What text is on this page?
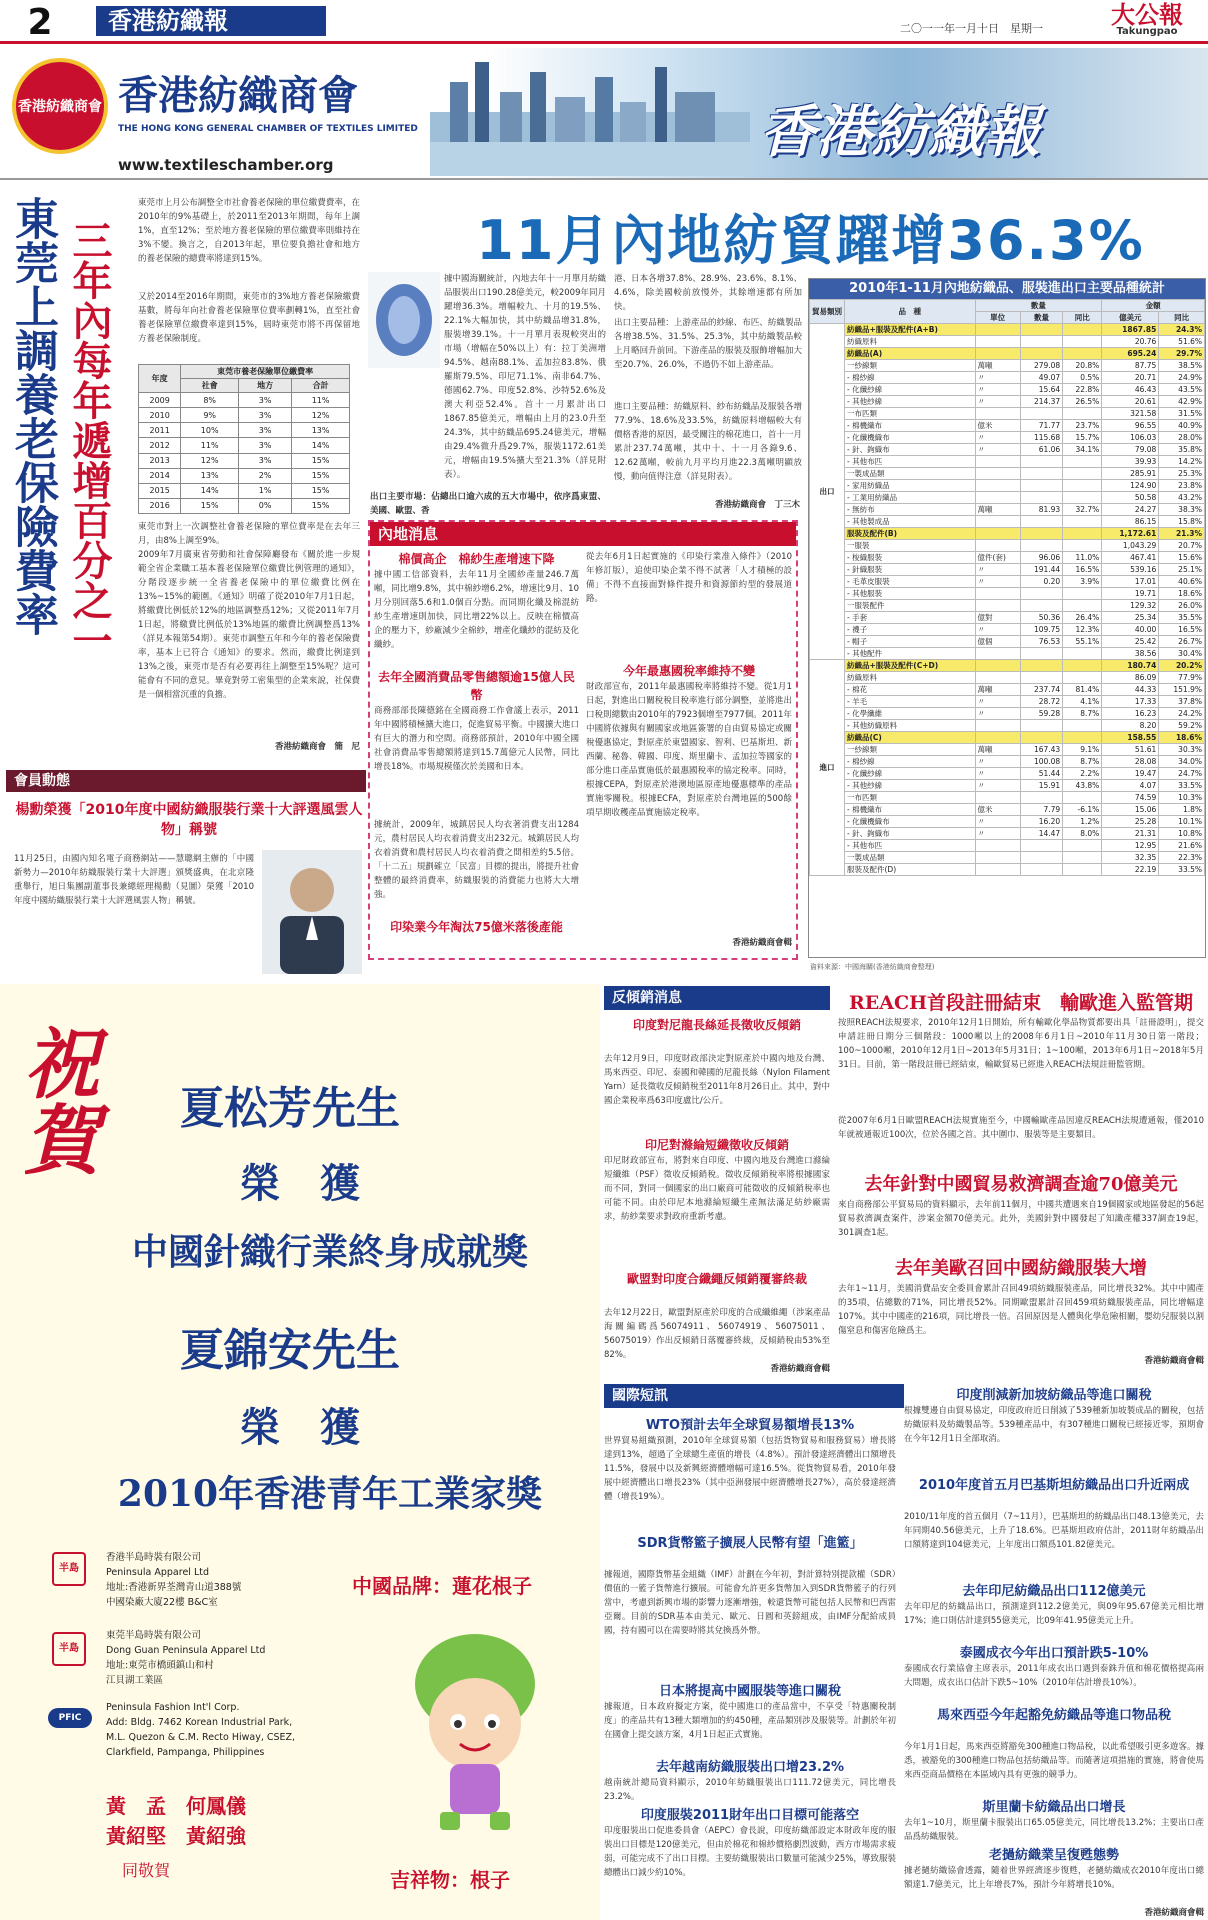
2	香港紡織報	二〇一一年一月十日　星期一	大公報
Takungpao
香港紡織商會 香港紡織商會
THE HONG KONG GENERAL CHAMBER OF TEXTILES LIMITED
www.textileschamber.org	香港紡織報
東莞上調養老保險費率 三年內每年遞增百分之一
東莞市上月公布調整全市社會養老保險的單位繳費費率，在2010年的9%基礎上，於2011至2013年期間，每年上調1%，直至12%；至於地方養老保險的單位繳費率則維持在3%不變。換言之，自2013年起，單位要負擔社會和地方的養老保險的總費率將達到15%。
又於2014至2016年期間，東莞市的3%地方養老保險繳費基數，將每年向社會養老保險單位費率劃轉1%，直至社會養老保險單位繳費率達到15%，屆時東莞市將不再保留地方養老保險制度。
年度	東莞市養老保險單位繳費率		
	社會	地方	合計
2009	8%	3%	11%
2010	9%	3%	12%
2011	10%	3%	13%
2012	11%	3%	14%
2013	12%	3%	15%
2014	13%	2%	15%
2015	14%	1%	15%
2016	15%	0%	15%
東莞市對上一次調整社會養老保險的單位費率是在去年三月，由8%上調至9%。
2009年7月廣東省勞動和社會保障廳發布《關於進一步規範全省企業職工基本養老保險單位繳費比例管理的通知》，分階段逐步統一全省養老保險中的單位繳費比例在13%~15%的範圍。《通知》明確了從2010年7月1日起，將繳費比例低於12%的地區調整爲12%；又從2011年7月1日起，將繳費比例低於13%地區的繳費比例調整爲13%（詳見本報第54期）。東莞市調整五年和今年的養老保險費率，基本上已符合《通知》的要求。然而，繳費比例達到13%之後，東莞市是否有必要再往上調整至15%呢？這可能會有不同的意見。畢竟對勞工密集型的企業來說，社保費是一個相當沉重的負擔。
香港紡織商會　簡　尼
會員動態
楊勳榮獲「2010年度中國紡織服裝行業十大評選風雲人物」稱號
11月25日，由國內知名電子商務網站——慧聰網主辦的「中國新勢力—2010年紡織服裝行業十大評選」頒獎盛典，在北京隆重舉行，旭日集團副董事長兼總經理楊勳（見圖）榮獲「2010年度中國紡織服裝行業十大評選風雲人物」稱號。
11月內地紡貿躍增36.3%
據中國海關統計，內地去年十一月單月紡織品服裝出口190.28億美元，較2009年同月躍增36.3%。增幅較九、十月的19.5%、22.1%大幅加快，其中紡織品增31.8%，服裝增39.1%。十一月單月表現較突出的市場（增幅在50%以上）有：拉丁美洲增94.5%、越南88.1%、孟加拉83.8%、俄羅斯79.5%、印尼71.1%、南非64.7%、德國62.7%、印度52.8%、沙特52.6%及澳大利亞52.4%。首十一月累計出口1867.85億美元，增幅由上月的23.0升至24.3%，其中紡織品695.24億美元，增幅由29.4%微升爲29.7%，服裝1172.61美元，增幅由19.5%擴大至21.3%（詳見附表）。
出口主要市場：佔總出口逾六成的五大市場中，依序爲東盟、美國、歐盟、香
港、日本各增37.8%、28.9%、23.6%、8.1%、4.6%，除美國較前放慢外，其餘增速都有所加快。
出口主要品種：上游產品的紗線、布匹、紡織製品各增38.5%、31.5%、25.3%，其中紡織製品較上月略回升前回。下游產品的服裝及服飾增幅加大至20.7%、26.0%，不過仍不如上游產品。
進口主要品種：紡織原料、紗布紡織品及服裝各增77.9%、18.6%及33.5%，紡織原料增幅較大有價格香港的原因，最受關注的棉花進口，首十一月累計237.74萬噸，其中十、十一月各錄9.6、12.62萬噸，較前九月平均月進22.3萬噸明顯放慢，動向值得注意（詳見附表）。
香港紡織商會　丁三木
內地消息
棉價高企　棉紗生產增速下降
據中國工信部資料，去年11月全國紗產量246.7萬噸，同比增9.8%，其中棉紗增6.2%，增速比9月、10月分別回落5.6和1.0個百分點。而同期化纖及棉混紡紗生產增速則加快，同比增22%以上。反映在棉價高企的壓力下，紗廠減少全棉紗，增產化纖紗的混紡及化纖紗。
去年全國消費品零售總額逾15億人民幣
商務部部長陳德銘在全國商務工作會議上表示，2011年中國將積極擴大進口，促進貿易平衡。中國擴大進口有巨大的潛力和空間。商務部預計，2010年中國全國社會消費品零售總額將達到15.7萬億元人民幣，同比增長18%。市場規模僅次於美國和日本。
據統計，2009年，城鎮居民人均衣著消費支出1284元，農村居民人均衣着消費支出232元。城鎮居民人均衣着消費和農村居民人均衣着消費之間相差約5.5倍。「十二五」規劃確立「民富」目標的提出，將提升社會整體的最終消費率，紡織服裝的消費能力也將大大增強。
印染業今年淘汰75億米落後產能
從去年6月1日起實施的《印染行業准入條件》（2010年修訂版），追使印染企業不得不試著「人才積極的設備」不得不直接面對條件提升和資源節約型的發展道路。
今年最惠國稅率維持不變
財政部宣布，2011年最惠國稅率將維持不變。從1月1日起，對進出口關稅稅目稅率進行部分調整，並將進出口稅則總數由2010年的7923個增至7977個。2011年中國將依據與有關國家或地區簽署的自由貿易協定或關稅優惠協定，對原產於東盟國家、智利、巴基斯坦、新西蘭、秘魯、韓國、印度、斯里蘭卡、孟加拉等國家的部分進口產品實施低於最惠國稅率的協定稅率。同時，根據CEPA，對原產於港澳地區原產地優惠標準的產品實施零關稅。根據ECFA，對原產於台灣地區的500餘項早期收穫產品實施協定稅率。
香港紡織商會輯
2010年1-11月內地紡織品、服裝進出口主要品種統計
貿易類別	品　種	數量			金額	
		單位	數量	同比	億美元	同比
出口	紡織品+服裝及配件(A+B)				1867.85	24.3%
	紡織原料				20.76	51.6%
	紡織品(A)				695.24	29.7%
	一紗線類	萬噸	279.08	20.8%	87.75	38.5%
	- 棉紗線	〃	49.07	0.5%	20.71	24.9%
	- 化纖紗線	〃	15.64	22.8%	46.43	43.5%
	- 其他紗線	〃	214.37	26.5%	20.61	42.9%
	一布匹類				321.58	31.5%
	- 棉機織布	億米	71.77	23.7%	96.55	40.9%
	- 化纖機織布	〃	115.68	15.7%	106.03	28.0%
	- 針、鉤織布	〃	61.06	34.1%	79.08	35.8%
	- 其他布匹				39.93	14.2%
	一製成品類				285.91	25.3%
	- 家用紡織品				124.90	23.8%
	- 工業用紡織品				50.58	43.2%
	- 無紡布	萬噸	81.93	32.7%	24.27	38.3%
	- 其他製成品				86.15	15.8%
	服裝及配件(B)				1,172.61	21.3%
	一服裝				1,043.29	20.7%
	- 梭織服裝	億件(套)	96.06	11.0%	467.41	15.6%
	- 針織服裝	〃	191.44	16.5%	539.16	25.1%
	- 毛革皮服裝	〃	0.20	3.9%	17.01	40.6%
	- 其他服裝				19.71	18.6%
	一服裝配件				129.32	26.0%
	- 手套	億對	50.36	26.4%	25.34	35.5%
	- 襪子	〃	109.75	12.3%	40.00	16.5%
	- 帽子	億個	76.53	55.1%	25.42	26.7%
	- 其他配件				38.56	30.4%
進口	紡織品+服裝及配件(C+D)				180.74	20.2%
	紡織原料				86.09	77.9%
	- 棉花	萬噸	237.74	81.4%	44.33	151.9%
	- 羊毛	〃	28.72	4.1%	17.33	37.8%
	- 化學纖維	〃	59.28	8.7%	16.23	24.2%
	- 其他紡織原料				8.20	59.2%
	紡織品(C)				158.55	18.6%
	一紗線類	萬噸	167.43	9.1%	51.61	30.3%
	- 棉紗線	〃	100.08	8.7%	28.08	34.0%
	- 化纖紗線	〃	51.44	2.2%	19.47	24.7%
	- 其他紗線	〃	15.91	43.8%	4.07	33.5%
	一布匹類				74.59	10.3%
	- 棉機織布	億米	7.79	-6.1%	15.06	1.8%
	- 化纖機織布	〃	16.20	1.2%	25.28	10.1%
	- 針、鉤織布	〃	14.47	8.0%	21.31	10.8%
	- 其他布匹				12.95	21.6%
	一製成品類				32.35	22.3%
	服裝及配件(D)				22.19	33.5%
資料來源：中國海關(香港紡織商會整理)
祝賀 夏松芳先生
榮　獲
中國針織行業終身成就獎
夏錦安先生
榮　獲
2010年香港青年工業家獎
半島
香港半島時裝有限公司
Peninsula Apparel Ltd
地址:香港新界荃灣青山道388號
中國染廠大廈22樓 B&C室
半島
東莞半島時裝有限公司
Dong Guan Peninsula Apparel Ltd
地址:東莞市橋頭鎮山和村
江貝湖工業區
PFIC
Peninsula Fashion Int'l Corp.
Add: Bldg. 7462 Korean Industrial Park,
M.L. Quezon & C.M. Recto Hiway, CSEZ,
Clarkfield, Pampanga, Philippines
黃　孟　何鳳儀
黃紹堅　黃紹強
同敬賀
中國品牌：蓮花根子
吉祥物：根子
反傾銷消息
印度對尼龍長絲延長徵收反傾銷
去年12月9日，印度財政部決定對原產於中國內地及台灣、馬來西亞、印尼、泰國和韓國的尼龍長絲（Nylon Filament Yarn）延長徵收反傾銷稅至2011年8月26日止。其中，對中國企業稅率爲63印度盧比/公斤。
印尼對滌綸短纖徵收反傾銷
印尼財政部宣布，將對來自印度、中國內地及台灣進口滌綸短纖維（PSF）徵收反傾銷稅。徵收反傾銷稅率將根據國家而不同，對同一個國家的出口廠商可能徵收的反傾銷稅率也可能不同。由於印尼本地滌綸短纖生產無法滿足紡紗廠需求，紡紗業要求對政府重新考慮。
歐盟對印度合纖繩反傾銷覆審終裁
去年12月22日，歐盟對原產於印度的合成纖維繩（涉案產品海關編碼爲56074911、56074919、56075011、56075019）作出反傾銷日落覆審終裁，反傾銷稅由53%至82%。
香港紡織商會輯
REACH首段註冊結束　輸歐進入監管期
按照REACH法規要求，2010年12月1日開始，所有輸歐化學品物質都要出具「註冊證明」，提交申請註冊日期分三個階段：1000噸以上的2008年6月1日~2010年11月30日第一階段；100~1000噸，2010年12月1日~2013年5月31日；1~100噸，2013年6月1日~2018年5月31日。目前，第一階段註冊已經結束，輸歐貿易已經進入REACH法規註冊監管期。
從2007年6月1日歐盟REACH法規實施至今，中國輸歐產品因違反REACH法規遭通報，僅2010年就被通報近100次，位於各國之首。其中圍巾、服裝等是主要類目。
去年針對中國貿易救濟調查逾70億美元
來自商務部公平貿易局的資料顯示，去年前11個月，中國共遭遇來自19個國家或地區發起的56起貿易救濟調查案件，涉案金額70億美元。此外，美國針對中國發起了知識產權337調查19起，301調查1起。
去年美歐召回中國紡織服裝大增
去年1~11月，美國消費品安全委員會累計召回49項紡織服裝產品，同比增長32%。其中中國產的35項，佔總數的71%，同比增長52%。同期歐盟累計召回459項紡織服裝產品，同比增幅達107%。其中中國產的216項，同比增長一倍。召回原因是人體與化學危險相關，嬰幼兒服裝以割傷窒息和傷害危險爲主。
香港紡織商會輯
國際短訊
WTO預計去年全球貿易額增長13%
世界貿易組織預測，2010年全球貿易額（包括貨物貿易和服務貿易）增長將達到13%，超過了全球總生產值的增長（4.8%）。預計發達經濟體出口額增長11.5%，發展中以及新興經濟體增幅可達16.5%。從貨物貿易看，2010年發展中經濟體出口增長23%（其中亞洲發展中經濟體增長27%），高於發達經濟體（增長19%）。
SDR貨幣籃子擴展人民幣有望「進籃」
據報道，國際貨幣基金組織（IMF）計劃在今年初，對計算特別提款權（SDR）價值的一籃子貨幣進行擴展。可能會允許更多貨幣加入到SDR貨幣籃子的行列當中，考慮到新興市場的影響力逐漸增強，較還貨幣可能包括人民幣和巴西雷亞爾。目前的SDR基本由美元、歐元、日圓和英鎊組成，由IMF分配給成員國，持有國可以在需要時將其兌換爲外幣。
日本將提高中國服裝等進口關稅
據報道，日本政府擬定方案，從中國進口的產品當中，不享受「特惠關稅制度」的產品共有13種大類增加的約450種，產品類別涉及服裝等。計劃於年初在國會上提交該方案，4月1日起正式實施。
去年越南紡織服裝出口增23.2%
越南統計總局資料顯示，2010年紡織服裝出口111.72億美元，同比增長23.2%。
印度服裝2011財年出口目標可能落空
印度服裝出口促進委員會（AEPC）會長說，印度紡織部設定本財政年度的服裝出口目標是120億美元，但由於棉花和棉紗價格劇烈波動，西方市場需求疲弱，可能完成不了出口目標。主要紡織服裝出口數量可能減少25%，導致服裝總體出口減少約10%。
印度削減新加坡紡織品等進口關稅
根據雙邊自由貿易協定，印度政府近日削減了539種新加坡製成品的關稅，包括紡織原料及紡織製品等。539種產品中，有307種進口關稅已經接近零，預期會在今年12月1日全部取消。
2010年度首五月巴基斯坦紡織品出口升近兩成
2010/11年度的首五個月（7~11月），巴基斯坦的紡織品出口48.13億美元，去年同期40.56億美元，上升了18.6%。巴基斯坦政府估計，2011財年紡織品出口額將達到104億美元，上年度出口額爲101.82億美元。
去年印尼紡織品出口112億美元
去年印尼的紡織品出口，預測達到112.2億美元，與09年95.67億美元相比增17%；進口則估計達到55億美元，比09年41.95億美元上升。
泰國成衣今年出口預計跌5-10%
泰國成衣行業協會主席表示，2011年成衣出口遇到泰銖升值和棉花價格提高兩大問題，成衣出口估計下跌5~10%（2010年估計增長10%）。
馬來西亞今年起豁免紡織品等進口物品稅
今年1月1日起，馬來西亞將豁免300種進口物品稅，以此希望吸引更多遊客。據悉，被豁免的300種進口物品包括紡織品等。而隨著這項措施的實施，將會使馬來西亞商品價格在本區域內具有更強的競爭力。
斯里蘭卡紡織品出口增長
去年1~10月，斯里蘭卡服裝出口65.05億美元，同比增長13.2%；主要出口產品爲紡織服裝。
老撾紡織業呈復甦態勢
據老撾紡織協會透露，隨着世界經濟逐步復甦，老撾紡織成衣2010年度出口總額達1.7億美元，比上年增長7%，預計今年將增長10%。
香港紡織商會輯
